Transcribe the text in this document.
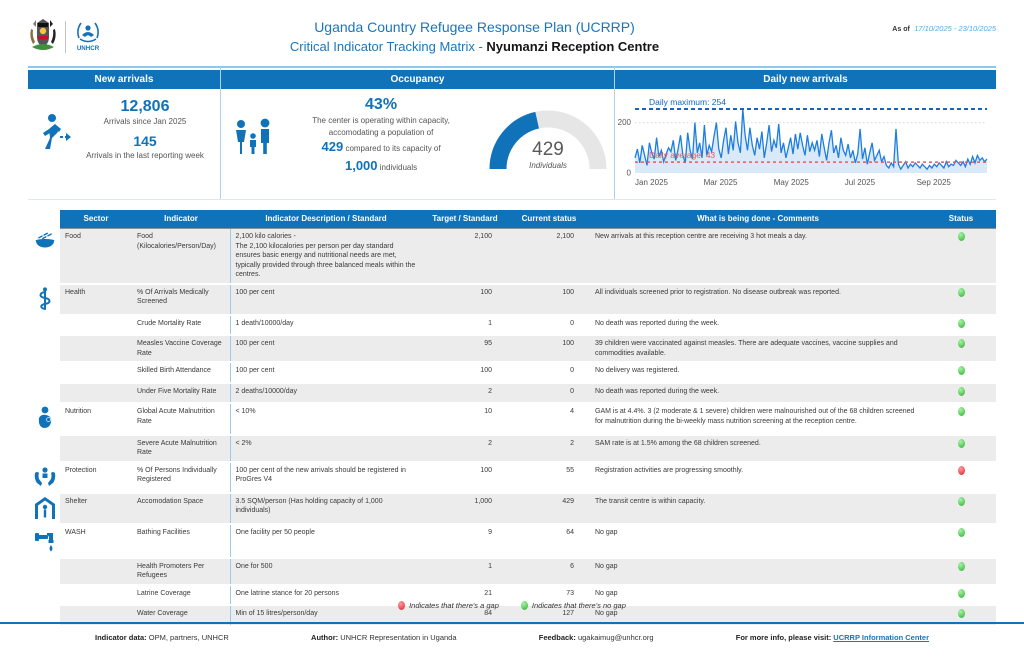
UNHCR
Uganda Country Refugee Response Plan (UCRRP)
Critical Indicator Tracking Matrix - Nyumanzi Reception Centre
As of 17/10/2025 - 23/10/2025
New arrivals
12,806
Arrivals since Jan 2025
145
Arrivals in the last reporting week
Occupancy
43%
The center is operating within capacity,
accomodating a population of
429 compared to its capacity of
1,000 individuals
429
Individuals
Daily new arrivals
Daily maximum: 254
Daily average: 43
0
200
Jan 2025	Mar 2025	May 2025	Jul 2025	Sep 2025
	Sector	Indicator	Indicator Description / Standard	Target / Standard	Current status	What is being done - Comments	Status
	Food	Food (Kilocalories/Person/Day)	2,100 kilo calories -
The 2,100 kilocalories per person per day standard ensures basic energy and nutritional needs are met, typically provided through three balanced meals within the centres.	2,100	2,100	New arrivals at this reception centre are receiving 3 hot meals a day.	
	Health	% Of Arrivals Medically Screened	100 per cent	100	100	All individuals screened prior to registration. No disease outbreak was reported.	
		Crude Mortality Rate	1 death/10000/day	1	0	No death was reported during the week.	
		Measles Vaccine Coverage Rate	100 per cent	95	100	39 children were vaccinated against measles. There are adequate vaccines, vaccine supplies and commodities available.	
		Skilled Birth Attendance	100 per cent	100	0	No delivery was registered.	
		Under Five Mortality Rate	2 deaths/10000/day	2	0	No death was reported during the week.	
	Nutrition	Global Acute Malnutrition Rate	< 10%	10	4	GAM is at 4.4%. 3 (2 moderate & 1 severe) children were malnourished out of the 68 children screened for malnutrition during the bi-weekly mass nutrition screening at the reception centre.	
		Severe Acute Malnutrition Rate	< 2%	2	2	SAM rate is at 1.5% among the 68 children screened.	
	Protection	% Of Persons Individually Registered	100 per cent of the new arrivals should be registered in ProGres V4	100	55	Registration activities are progressing smoothly.	
	Shelter	Accomodation Space	3.5 SQM/person (Has holding capacity of 1,000 individuals)	1,000	429	The transit centre is within capacity.	
	WASH	Bathing Facilities	One facility per 50 people	9	64	No gap	
		Health Promoters Per Refugees	One for 500	1	6	No gap	
		Latrine Coverage	One latrine stance for 20 persons	21	73	No gap	
		Water Coverage	Min of 15 litres/person/day	84	127	No gap	
Indicates that there's a gap	Indicates that there's no gap
Indicator data: OPM, partners, UNHCR	Author: UNHCR Representation in Uganda	Feedback: ugakaimug@unhcr.org	For more info, please visit: UCRRP Information Center
